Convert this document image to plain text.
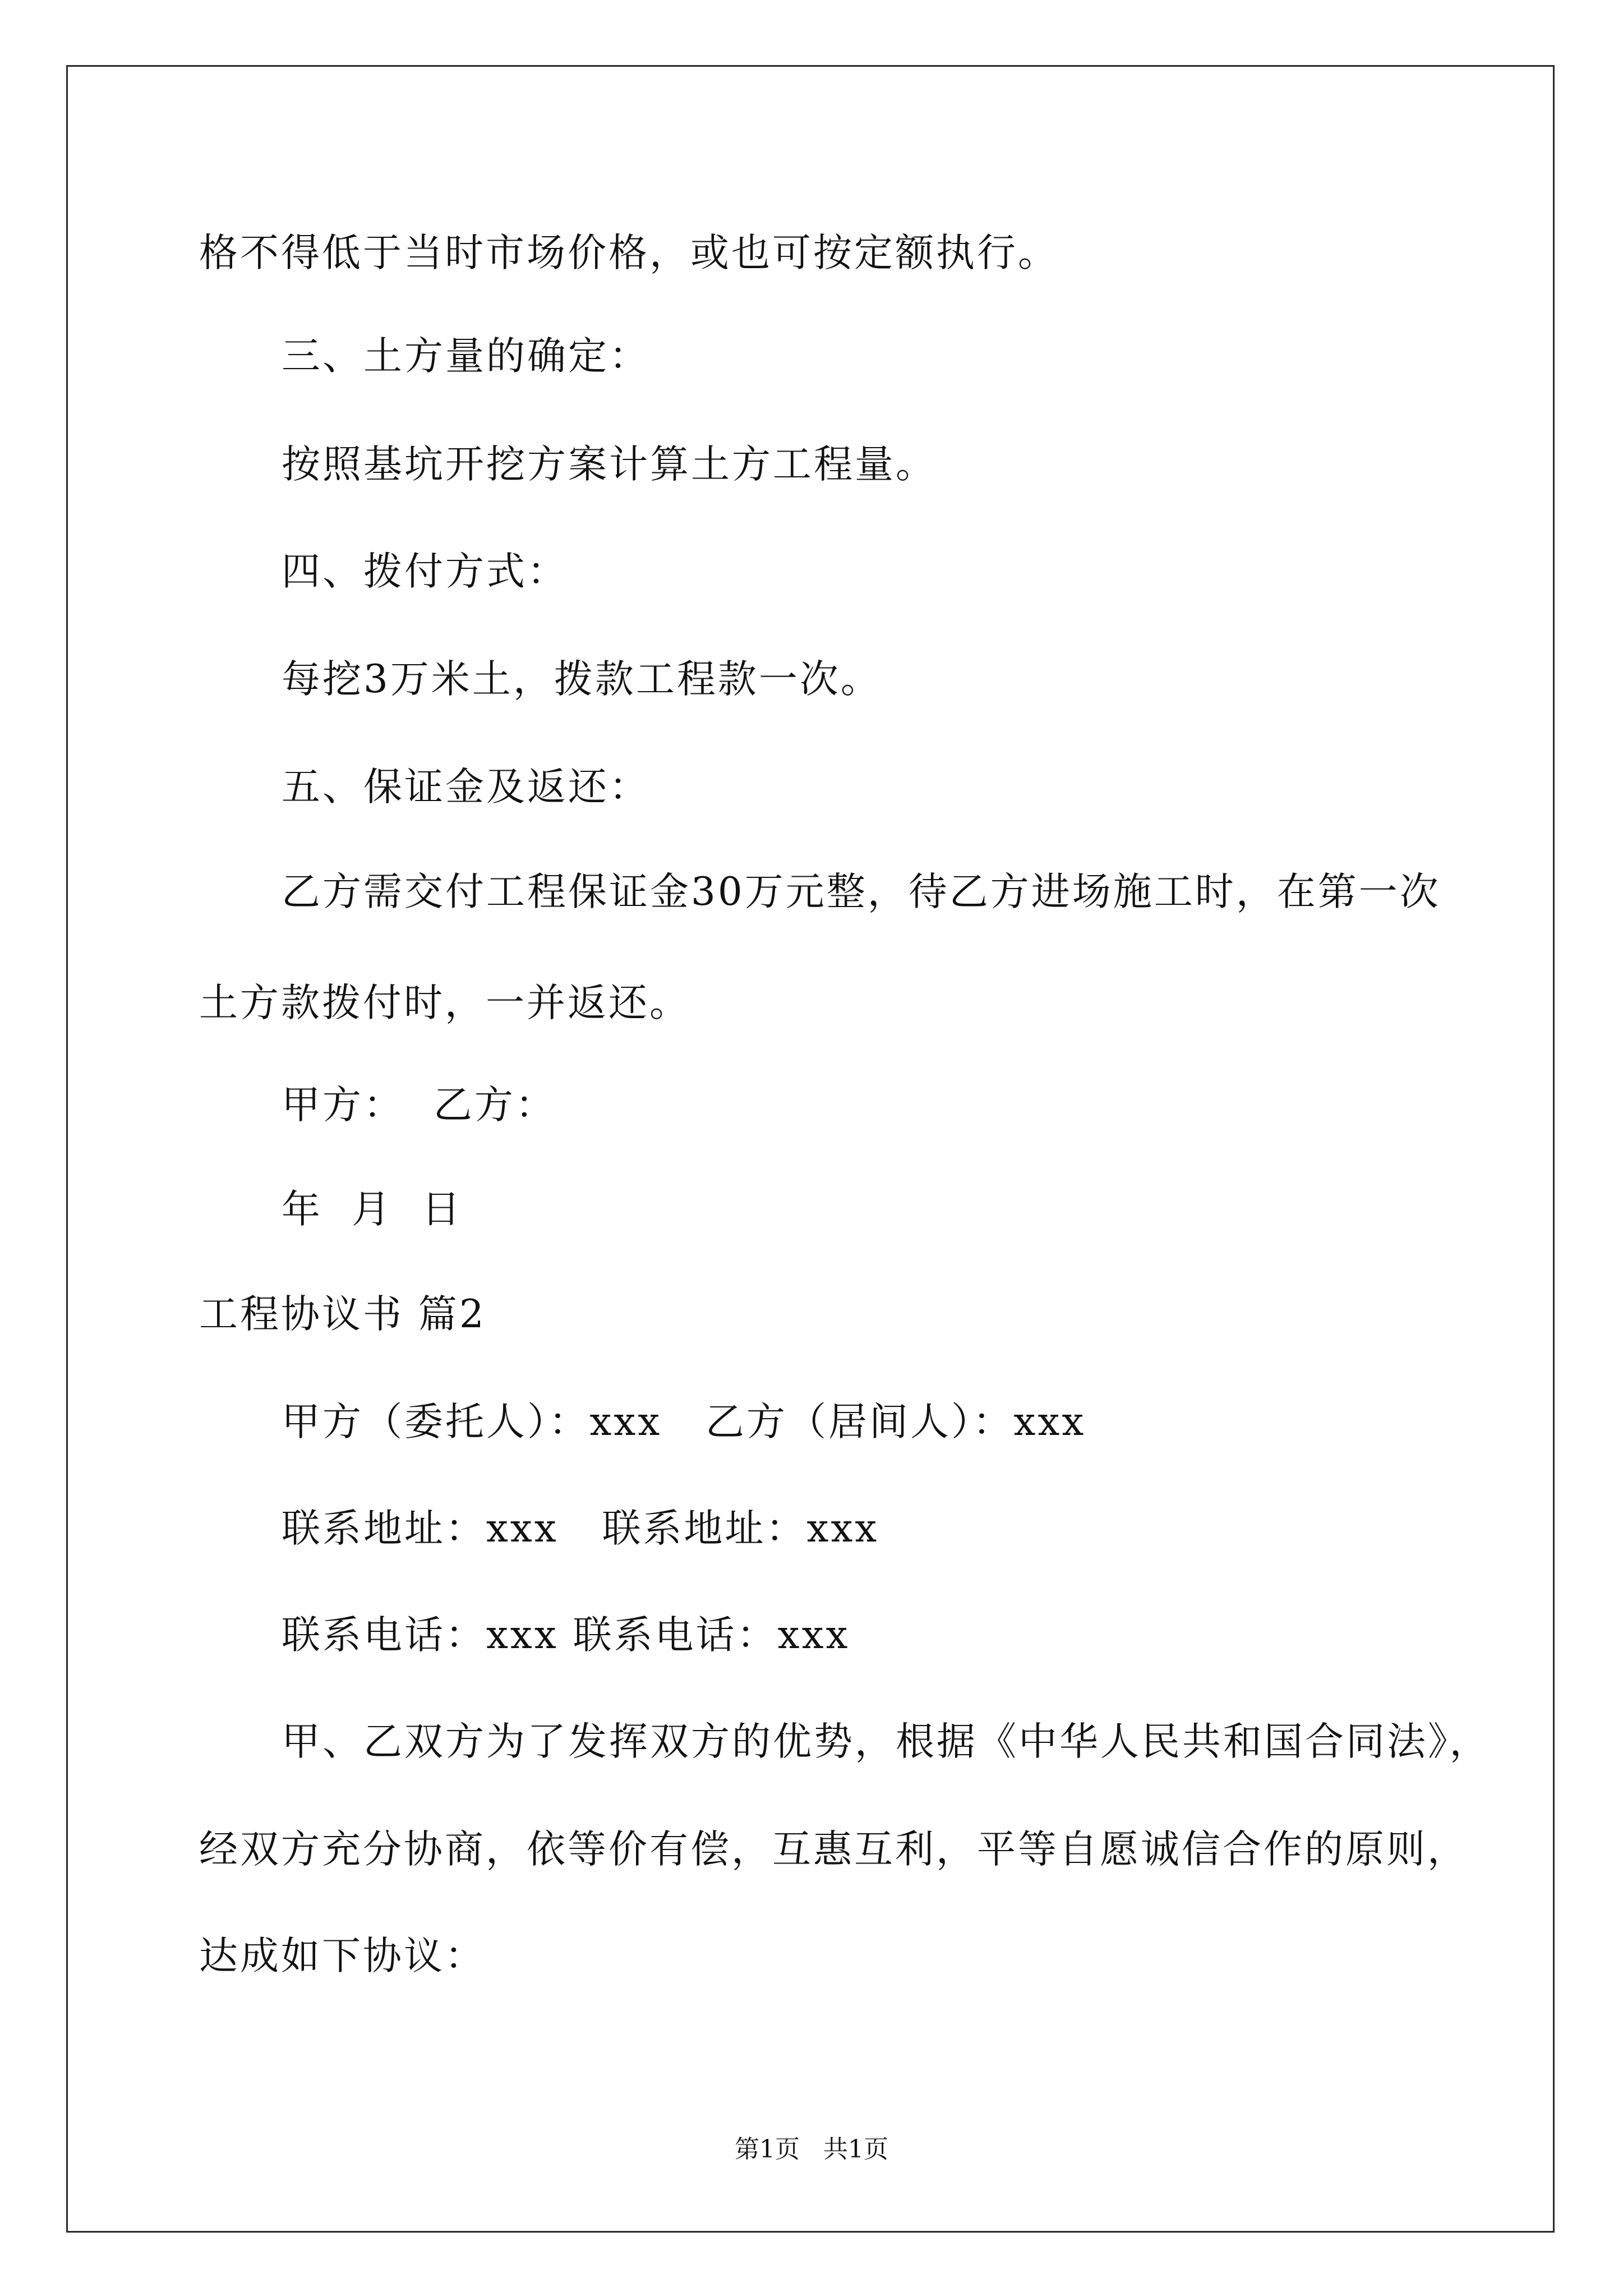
格不得低于当时市场价格，或也可按定额执行。
三、土方量的确定：
按照基坑开挖方案计算土方工程量。
四、拨付方式：
每挖3万米土，拨款工程款一次。
五、保证金及返还：
乙方需交付工程保证金30万元整，待乙方进场施工时，在第一次
土方款拨付时，一并返还。
甲方：  乙方：
年  月  日
工程协议书 篇2
甲方（委托人）：xxx   乙方（居间人）：xxx
联系地址：xxx   联系地址：xxx
联系电话：xxx 联系电话：xxx
甲、乙双方为了发挥双方的优势，根据《中华人民共和国合同法》，
经双方充分协商，依等价有偿，互惠互利，平等自愿诚信合作的原则，
达成如下协议：
第1页   共1页
